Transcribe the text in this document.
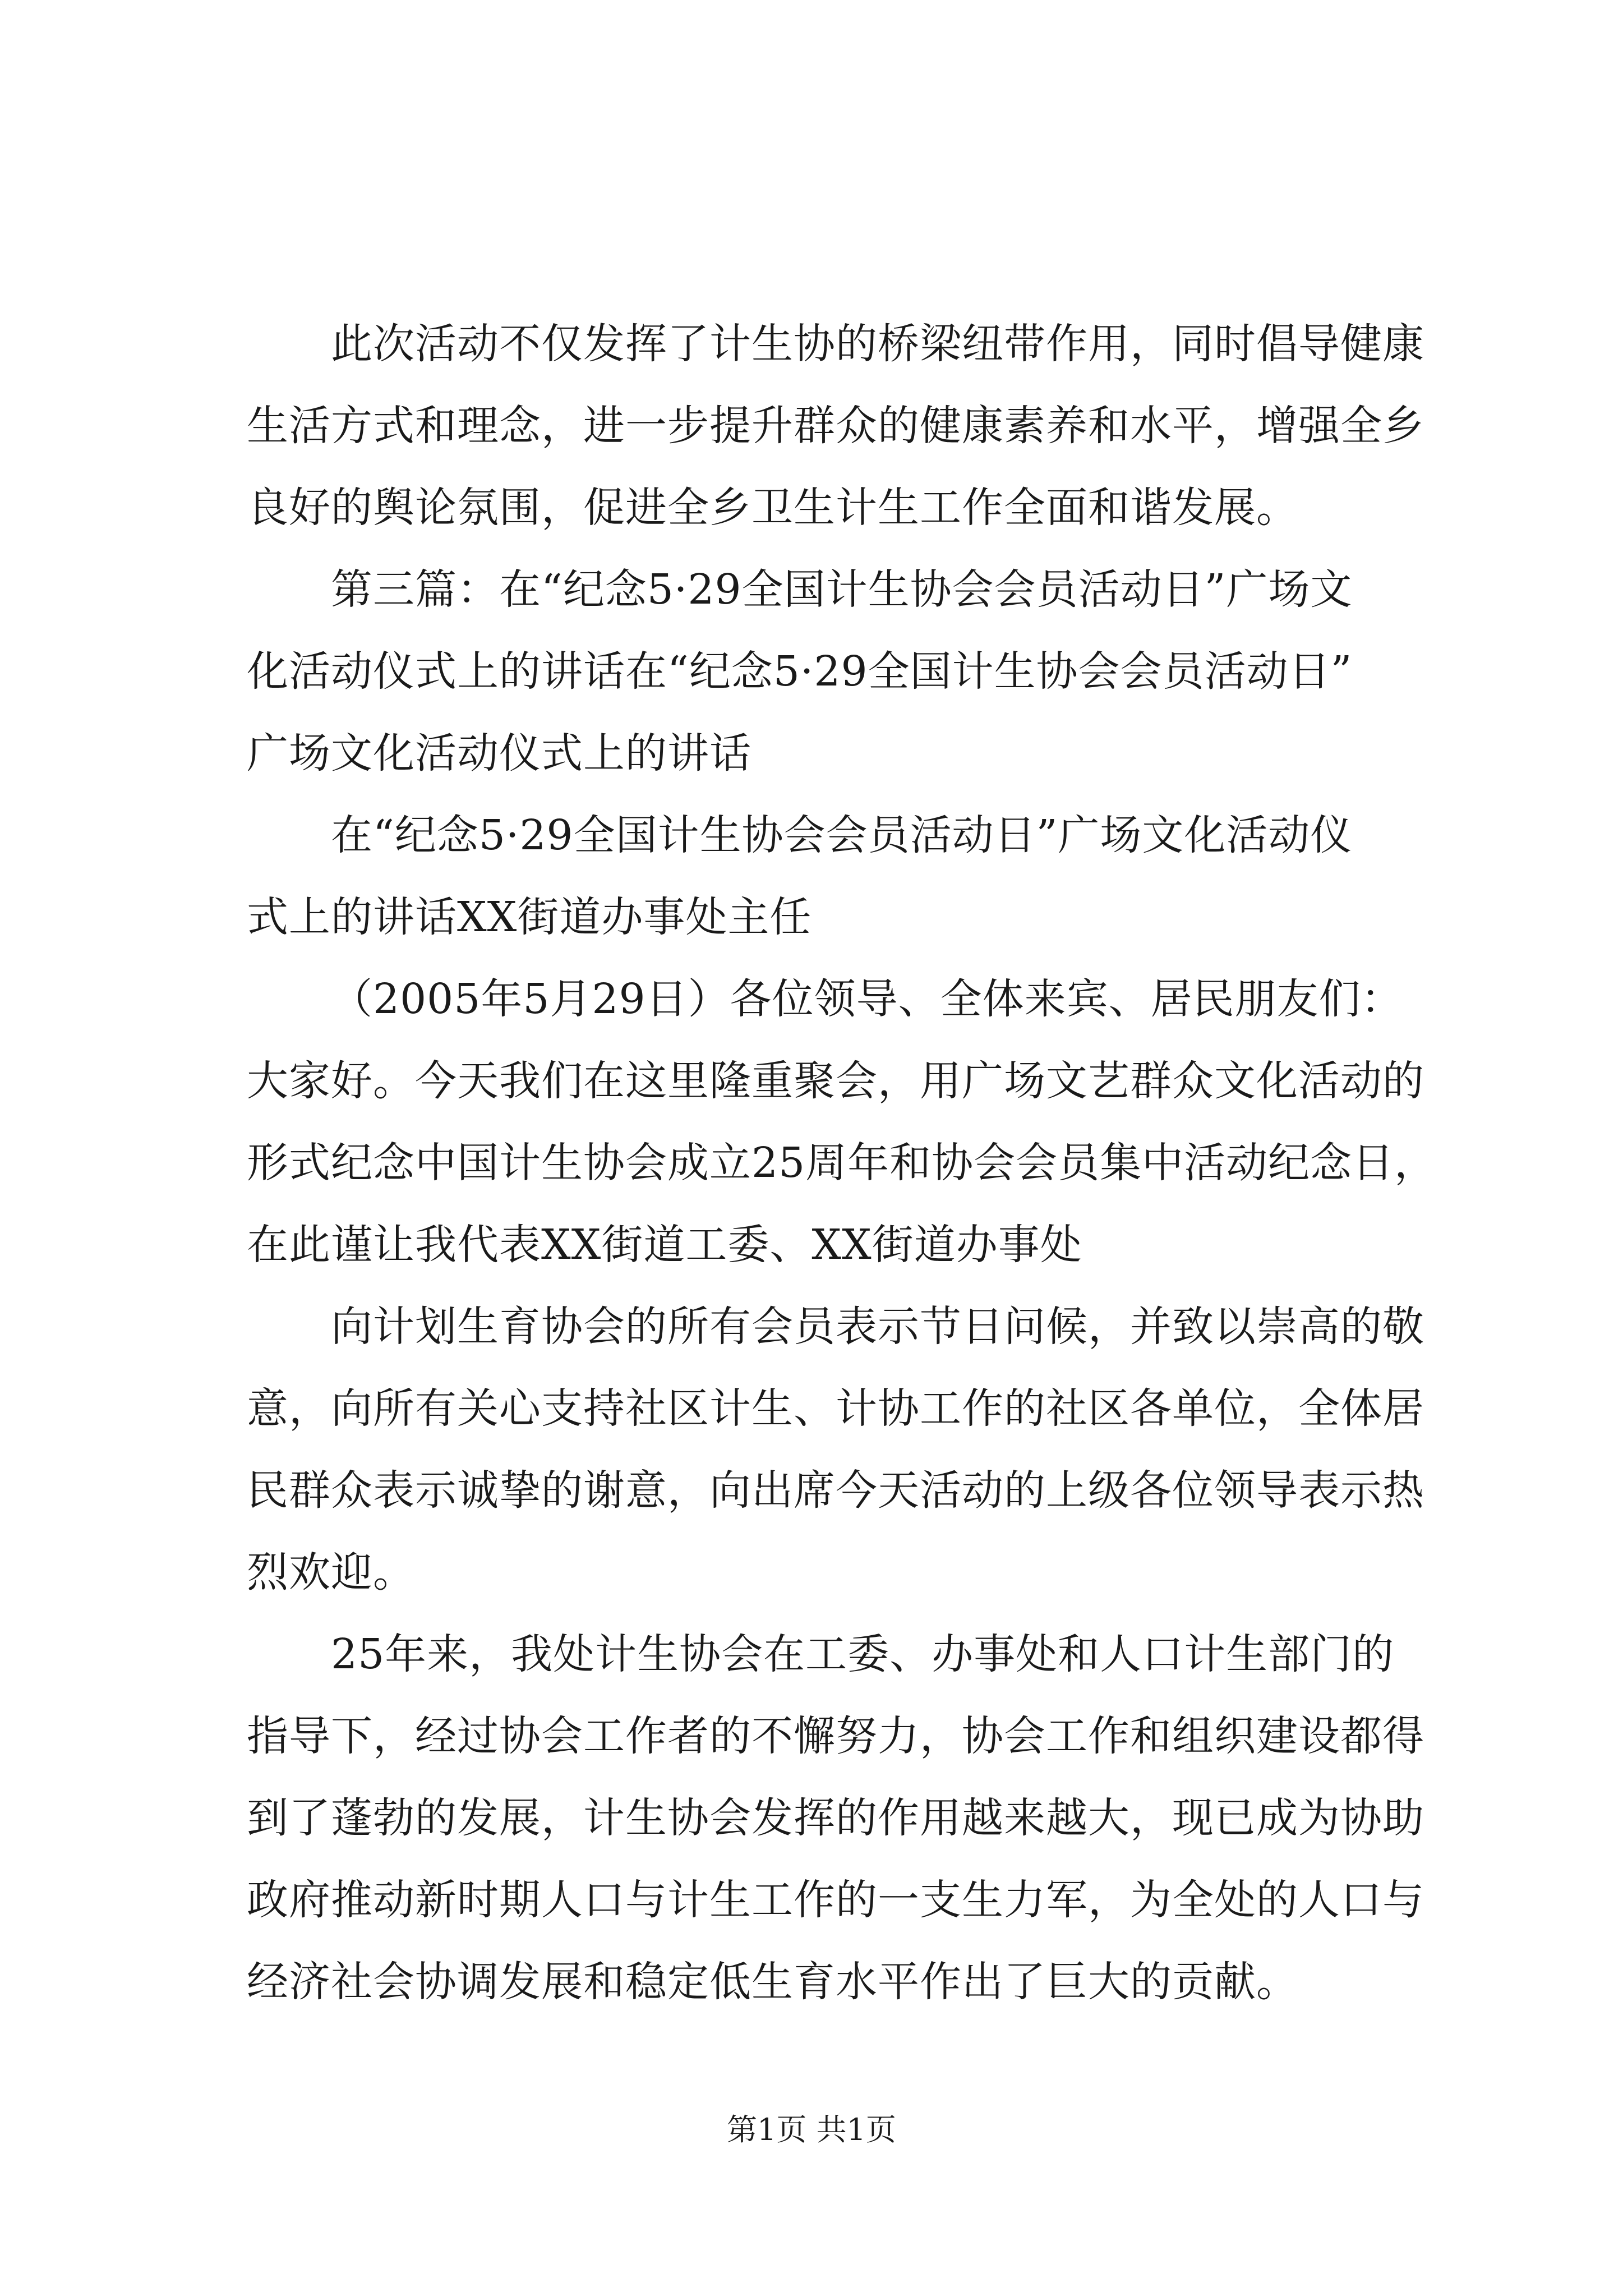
此次活动不仅发挥了计生协的桥梁纽带作用，同时倡导健康

生活方式和理念，进一步提升群众的健康素养和水平，增强全乡

良好的舆论氛围，促进全乡卫生计生工作全面和谐发展。

第三篇：在“纪念5·29全国计生协会会员活动日”广场文

化活动仪式上的讲话在“纪念5·29全国计生协会会员活动日”

广场文化活动仪式上的讲话

在“纪念5·29全国计生协会会员活动日”广场文化活动仪

式上的讲话XX街道办事处主任

（2005年5月29日）各位领导、全体来宾、居民朋友们：

大家好。今天我们在这里隆重聚会，用广场文艺群众文化活动的

形式纪念中国计生协会成立25周年和协会会员集中活动纪念日，

在此谨让我代表XX街道工委、XX街道办事处

向计划生育协会的所有会员表示节日问候，并致以崇高的敬

意，向所有关心支持社区计生、计协工作的社区各单位，全体居

民群众表示诚挚的谢意，向出席今天活动的上级各位领导表示热

烈欢迎。

25年来，我处计生协会在工委、办事处和人口计生部门的

指导下，经过协会工作者的不懈努力，协会工作和组织建设都得

到了蓬勃的发展，计生协会发挥的作用越来越大，现已成为协助

政府推动新时期人口与计生工作的一支生力军，为全处的人口与

经济社会协调发展和稳定低生育水平作出了巨大的贡献。

第1页 共1页
